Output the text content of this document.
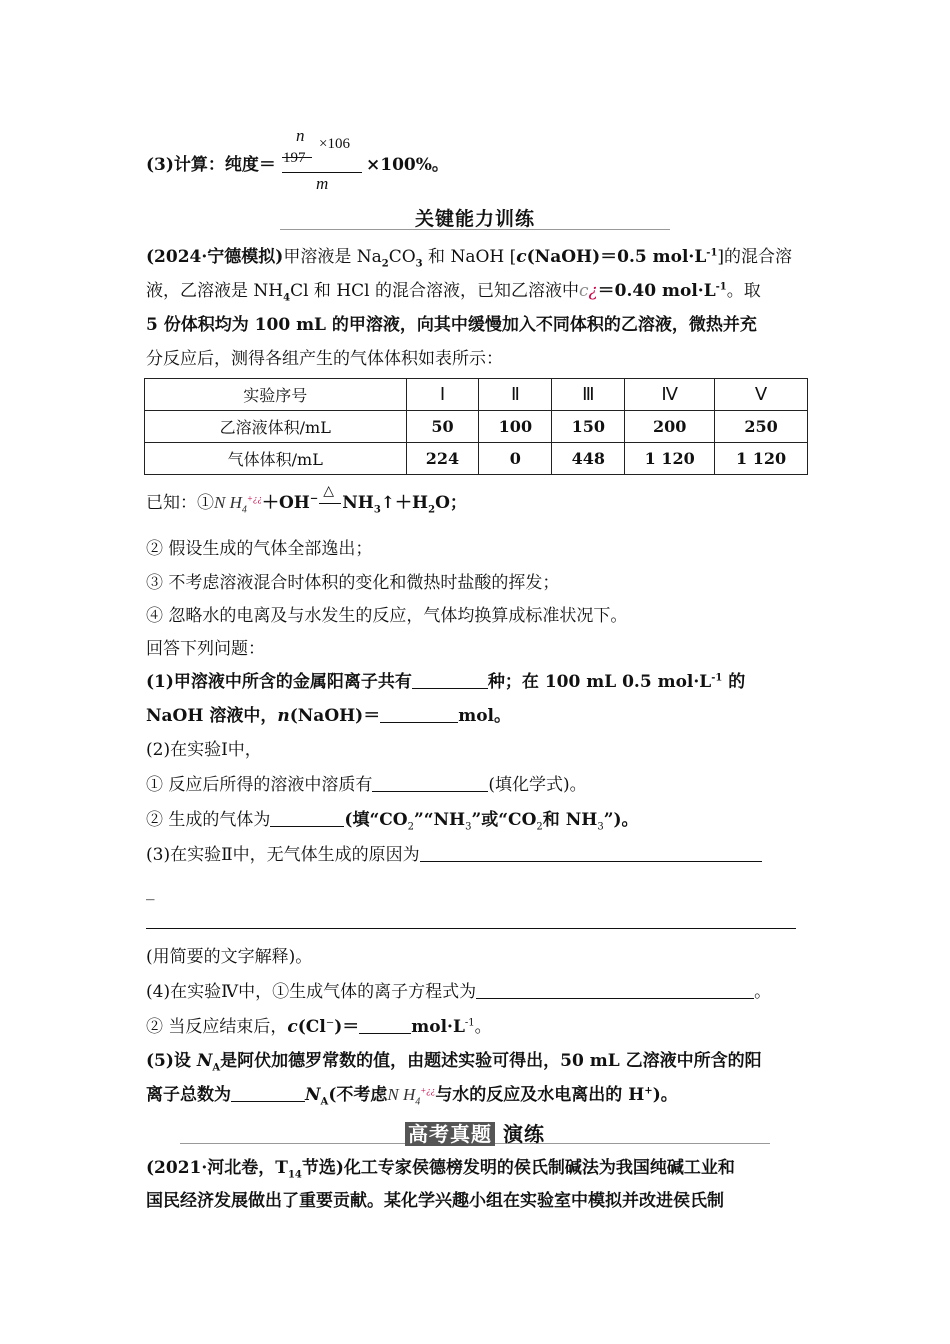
(3)计算：纯度＝
n
197
×106
m
×100%。
关键能力训练
(2024·宁德模拟)甲溶液是 $Na_2CO_3$ 和 NaOH [c(NaOH)＝0.5 $mol\cdot L^{-1}$]的混合溶
液，乙溶液是 $NH_4Cl$ 和 HCl 的混合溶液，已知乙溶液中c¿＝0.40 $mol\cdot L^{-1}$。取
5 份体积均为 100 mL 的甲溶液，向其中缓慢加入不同体积的乙溶液，微热并充
分反应后，测得各组产生的气体体积如表所示：
实验序号	Ⅰ	Ⅱ	Ⅲ	Ⅳ	Ⅴ
乙溶液体积/mL	50	100	150	200	250
气体体积/mL	224	0	448	1 120	1 120
已知：①N $H_4^{+¿¿}+OH^-$ △
$NH_3↑+H_2O$；
② 假设生成的气体全部逸出；
③ 不考虑溶液混合时体积的变化和微热时盐酸的挥发；
④ 忽略水的电离及与水发生的反应，气体均换算成标准状况下。
回答下列问题：
(1)甲溶液中所含的金属阳离子共有	种；在 100 mL 0.5 $mol\cdot L^{-1}$ 的
NaOH 溶液中，n(NaOH)＝	mol。
(2)在实验Ⅰ中，
① 反应后所得的溶液中溶质有	(填化学式)。
② 生成的气体为	(填“$CO_2”“NH_3$”或“$CO_2$和 $NH_3$”)。
(3)在实验Ⅱ中，无气体生成的原因为
_
(用简要的文字解释)。
(4)在实验Ⅳ中，①生成气体的离子方程式为	。
② 当反应结束后，c(Cl−)＝	$mol\cdot L^{-1}$。
(5)设 $N_A$是阿伏加德罗常数的值，由题述实验可得出，50 mL 乙溶液中所含的阳
离子总数为	$N_A$(不考虑N $H_4^{+¿¿}$与水的反应及水电离出的 H+)。
高考真题 演练
(2021·河北卷，$T_{14}$节选)化工专家侯德榜发明的侯氏制碱法为我国纯碱工业和
国民经济发展做出了重要贡献。某化学兴趣小组在实验室中模拟并改进侯氏制
